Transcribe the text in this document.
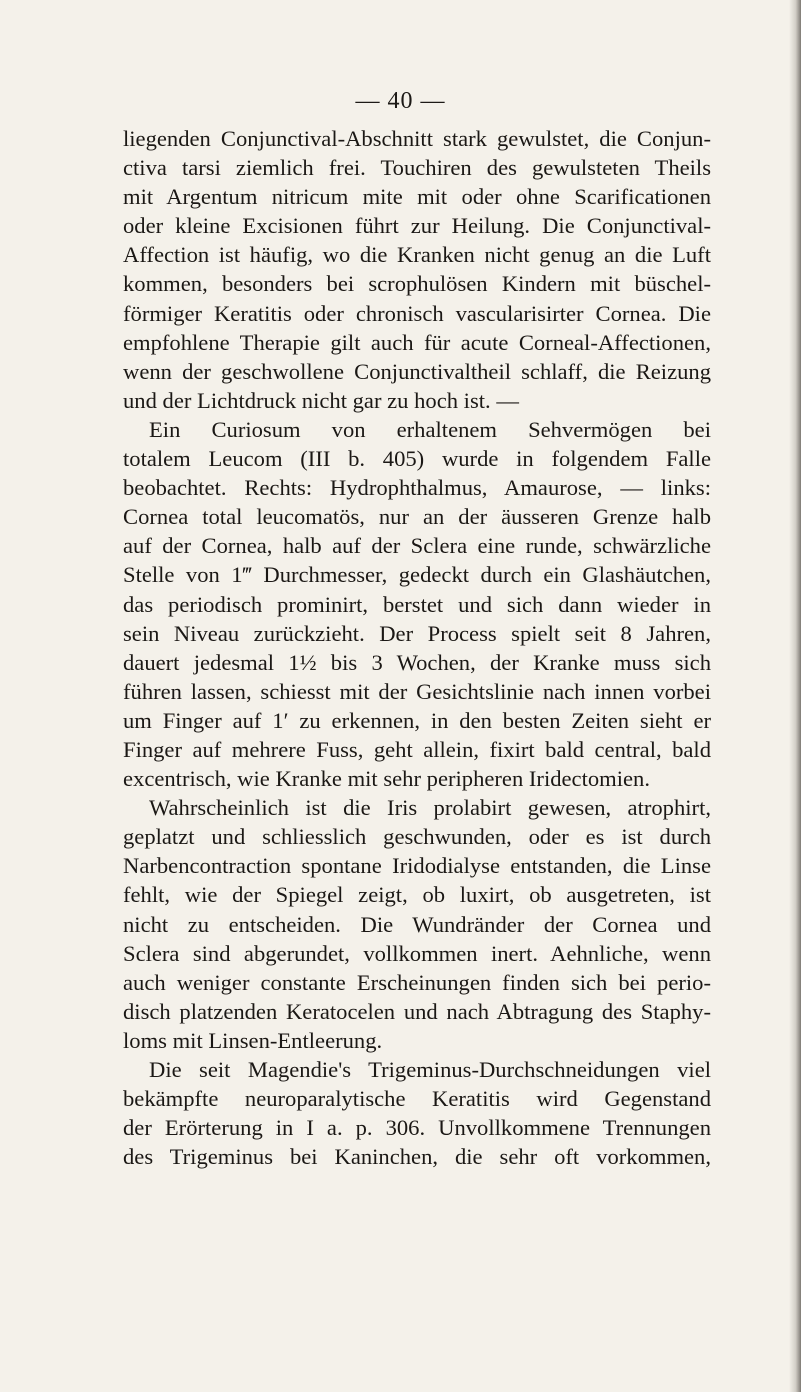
— 40 —
liegenden Conjunctival-Abschnitt stark gewulstet, die Conjun-
ctiva tarsi ziemlich frei. Touchiren des gewulsteten Theils
mit Argentum nitricum mite mit oder ohne Scarificationen
oder kleine Excisionen führt zur Heilung. Die Conjunctival-
Affection ist häufig, wo die Kranken nicht genug an die Luft
kommen, besonders bei scrophulösen Kindern mit büschel-
förmiger Keratitis oder chronisch vascularisirter Cornea. Die
empfohlene Therapie gilt auch für acute Corneal-Affectionen,
wenn der geschwollene Conjunctivaltheil schlaff, die Reizung
und der Lichtdruck nicht gar zu hoch ist. —
Ein Curiosum von erhaltenem Sehvermögen bei
totalem Leucom (III b. 405) wurde in folgendem Falle
beobachtet. Rechts: Hydrophthalmus, Amaurose, — links:
Cornea total leucomatös, nur an der äusseren Grenze halb
auf der Cornea, halb auf der Sclera eine runde, schwärzliche
Stelle von 1‴ Durchmesser, gedeckt durch ein Glashäutchen,
das periodisch prominirt, berstet und sich dann wieder in
sein Niveau zurückzieht. Der Process spielt seit 8 Jahren,
dauert jedesmal 1½ bis 3 Wochen, der Kranke muss sich
führen lassen, schiesst mit der Gesichtslinie nach innen vorbei
um Finger auf 1′ zu erkennen, in den besten Zeiten sieht er
Finger auf mehrere Fuss, geht allein, fixirt bald central, bald
excentrisch, wie Kranke mit sehr peripheren Iridectomien.
Wahrscheinlich ist die Iris prolabirt gewesen, atrophirt,
geplatzt und schliesslich geschwunden, oder es ist durch
Narbencontraction spontane Iridodialyse entstanden, die Linse
fehlt, wie der Spiegel zeigt, ob luxirt, ob ausgetreten, ist
nicht zu entscheiden. Die Wundränder der Cornea und
Sclera sind abgerundet, vollkommen inert. Aehnliche, wenn
auch weniger constante Erscheinungen finden sich bei perio-
disch platzenden Keratocelen und nach Abtragung des Staphy-
loms mit Linsen-Entleerung.
Die seit Magendie's Trigeminus-Durchschneidungen viel
bekämpfte neuroparalytische Keratitis wird Gegenstand
der Erörterung in I a. p. 306. Unvollkommene Trennungen
des Trigeminus bei Kaninchen, die sehr oft vorkommen,
